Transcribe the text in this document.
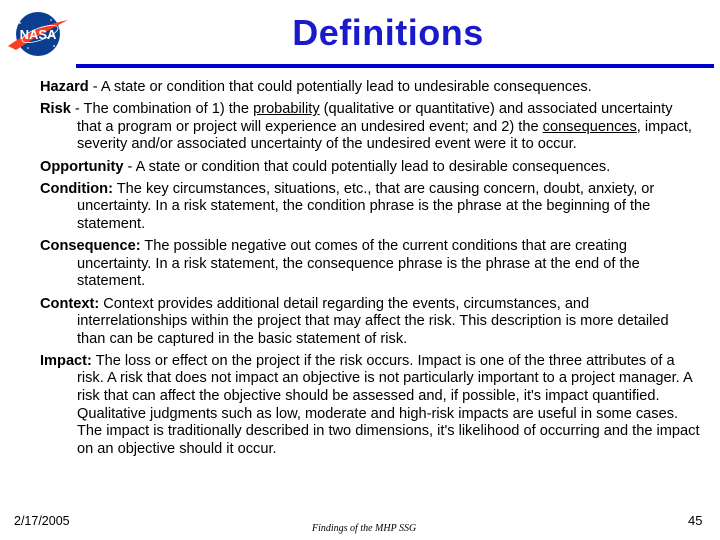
NASA	Definitions

Hazard - A state or condition that could potentially lead to undesirable consequences.

Risk - The combination of 1) the probability (qualitative or quantitative) and associated uncertainty that a program or project will experience an undesired event; and 2) the consequences, impact, severity and/or associated uncertainty of the undesired event were it to occur.

Opportunity - A state or condition that could potentially lead to desirable consequences.

Condition: The key circumstances, situations, etc., that are causing concern, doubt, anxiety, or uncertainty. In a risk statement, the condition phrase is the phrase at the beginning of the statement.

Consequence: The possible negative out comes of the current conditions that are creating uncertainty. In a risk statement, the consequence phrase is the phrase at the end of the statement.

Context: Context provides additional detail regarding the events, circumstances, and interrelationships within the project that may affect the risk. This description is more detailed than can be captured in the basic statement of risk.

Impact: The loss or effect on the project if the risk occurs. Impact is one of the three attributes of a risk. A risk that does not impact an objective is not particularly important to a project manager. A risk that can affect the objective should be assessed and, if possible, it's impact quantified. Qualitative judgments such as low, moderate and high-risk impacts are useful in some cases. The impact is traditionally described in two dimensions, it's likelihood of occurring and the impact on an objective should it occur.

2/17/2005
Findings of the MHP SSG
45
